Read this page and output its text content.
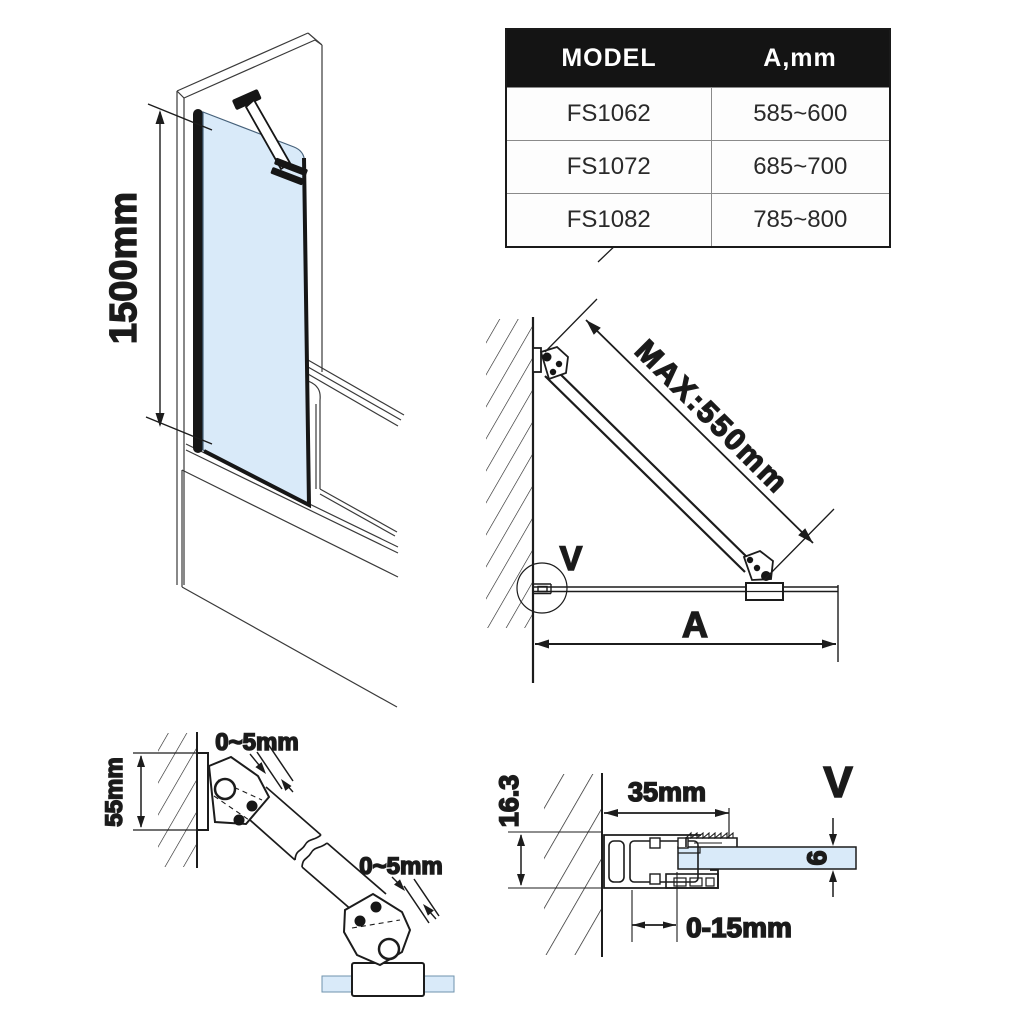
1500mm
MAX:550mm
A
V
55mm
0~5mm
0~5mm
16.3	35mm
6
0-15mm
V
MODEL	A,mm
FS1062	585~600
FS1072	685~700
FS1082	785~800
